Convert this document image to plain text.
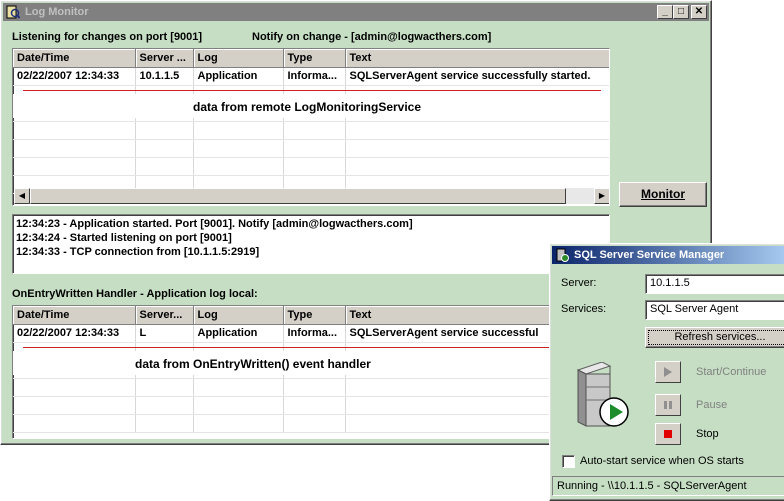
Log Monitor	_	□	✕
Listening for changes on port [9001]	Notify on change - [admin@logwacthers.com]
Date/Time	Server ...	Log	Type	Text
02/22/2007 12:34:33	10.1.1.5	Application	Informa...	SQLServerAgent service successfully started.

data from remote LogMonitoringService
◀	▶	Monitor
12:34:23 - Application started. Port [9001]. Notify [admin@logwacthers.com]
12:34:24 - Started listening on port [9001]
12:34:33 - TCP connection from [10.1.1.5:2919]
OnEntryWritten Handler - Application log local:
Date/Time	Server...	Log	Type	Text
02/22/2007 12:34:33	L	Application	Informa...	SQLServerAgent service successful

data from OnEntryWritten() event handler
SQL Server Service Manager
Server:	10.1.1.5
Services:	SQL Server Agent
Refresh services...
Start/Continue
Pause
Stop
Auto-start service when OS starts
Running - \\10.1.1.5 - SQLServerAgent
